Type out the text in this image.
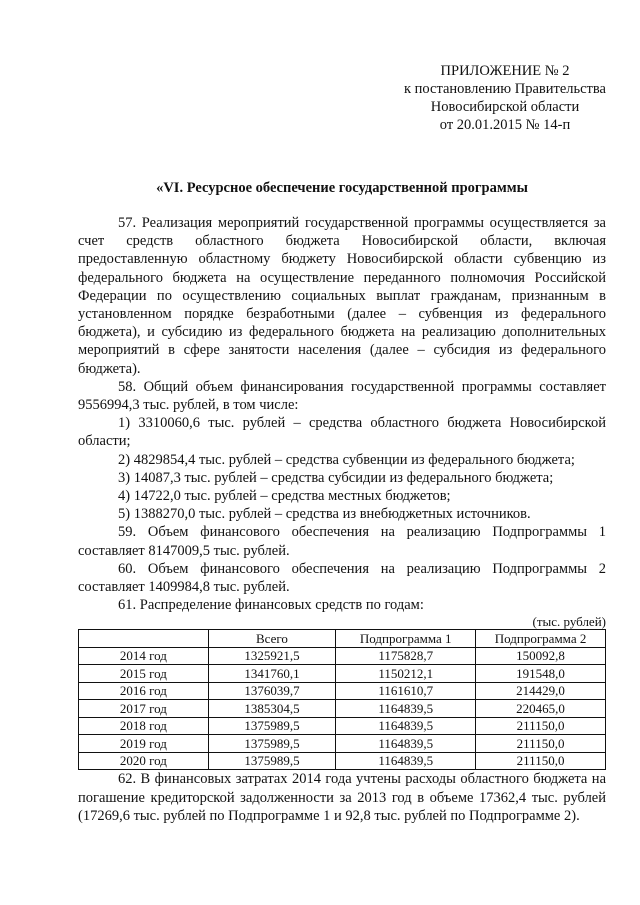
ПРИЛОЖЕНИЕ № 2
к постановлению Правительства
Новосибирской области
от 20.01.2015 № 14-п
«VI. Ресурсное обеспечение государственной программы

57. Реализация мероприятий государственной программы осуществляется за счет средств областного бюджета Новосибирской области, включая предоставленную областному бюджету Новосибирской области субвенцию из федерального бюджета на осуществление переданного полномочия Российской Федерации по осуществлению социальных выплат гражданам, признанным в установленном порядке безработными (далее – субвенция из федерального бюджета), и субсидию из федерального бюджета на реализацию дополнительных мероприятий в сфере занятости населения (далее – субсидия из федерального бюджета).

58. Общий объем финансирования государственной программы составляет 9556994,3 тыс. рублей, в том числе:

1) 3310060,6 тыс. рублей – средства областного бюджета Новосибирской области;

2) 4829854,4 тыс. рублей – средства субвенции из федерального бюджета;

3) 14087,3 тыс. рублей – средства субсидии из федерального бюджета;

4) 14722,0 тыс. рублей – средства местных бюджетов;

5) 1388270,0 тыс. рублей – средства из внебюджетных источников.

59. Объем финансового обеспечения на реализацию Подпрограммы 1 составляет 8147009,5 тыс. рублей.

60. Объем финансового обеспечения на реализацию Подпрограммы 2 составляет 1409984,8 тыс. рублей.

61. Распределение финансовых средств по годам:

(тыс. рублей)
	Всего	Подпрограмма 1	Подпрограмма 2
2014 год	1325921,5	1175828,7	150092,8
2015 год	1341760,1	1150212,1	191548,0
2016 год	1376039,7	1161610,7	214429,0
2017 год	1385304,5	1164839,5	220465,0
2018 год	1375989,5	1164839,5	211150,0
2019 год	1375989,5	1164839,5	211150,0
2020 год	1375989,5	1164839,5	211150,0

62. В финансовых затратах 2014 года учтены расходы областного бюджета на погашение кредиторской задолженности за 2013 год в объеме 17362,4 тыс. рублей (17269,6 тыс. рублей по Подпрограмме 1 и 92,8 тыс. рублей по Подпрограмме 2).
